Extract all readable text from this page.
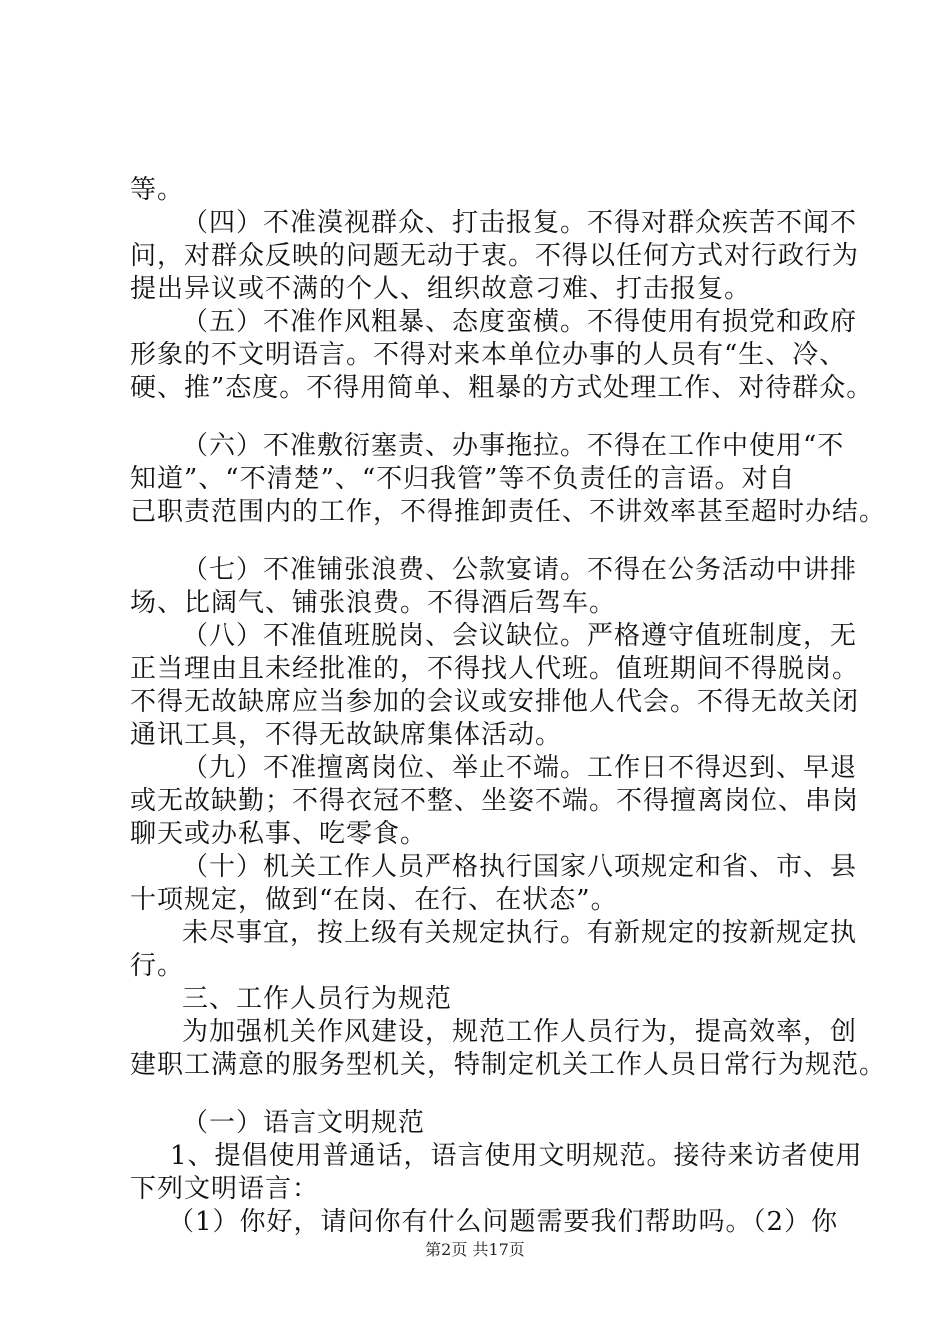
等。
（四）不准漠视群众、打击报复。不得对群众疾苦不闻不
问，对群众反映的问题无动于衷。不得以任何方式对行政行为
提出异议或不满的个人、组织故意刁难、打击报复。
（五）不准作风粗暴、态度蛮横。不得使用有损党和政府
形象的不文明语言。不得对来本单位办事的人员有“生、冷、
硬、推”态度。不得用简单、粗暴的方式处理工作、对待群众。
（六）不准敷衍塞责、办事拖拉。不得在工作中使用“不
知道”、“不清楚”、“不归我管”等不负责任的言语。对自
己职责范围内的工作，不得推卸责任、不讲效率甚至超时办结。
（七）不准铺张浪费、公款宴请。不得在公务活动中讲排
场、比阔气、铺张浪费。不得酒后驾车。
（八）不准值班脱岗、会议缺位。严格遵守值班制度，无
正当理由且未经批准的，不得找人代班。值班期间不得脱岗。
不得无故缺席应当参加的会议或安排他人代会。不得无故关闭
通讯工具，不得无故缺席集体活动。
（九）不准擅离岗位、举止不端。工作日不得迟到、早退
或无故缺勤；不得衣冠不整、坐姿不端。不得擅离岗位、串岗
聊天或办私事、吃零食。
（十）机关工作人员严格执行国家八项规定和省、市、县
十项规定，做到“在岗、在行、在状态”。
未尽事宜，按上级有关规定执行。有新规定的按新规定执
行。
三、工作人员行为规范
为加强机关作风建设，规范工作人员行为，提高效率，创
建职工满意的服务型机关，特制定机关工作人员日常行为规范。
（一）语言文明规范
1、提倡使用普通话，语言使用文明规范。接待来访者使用
下列文明语言：
（1）你好，请问你有什么问题需要我们帮助吗。（2）你
第2页 共17页
